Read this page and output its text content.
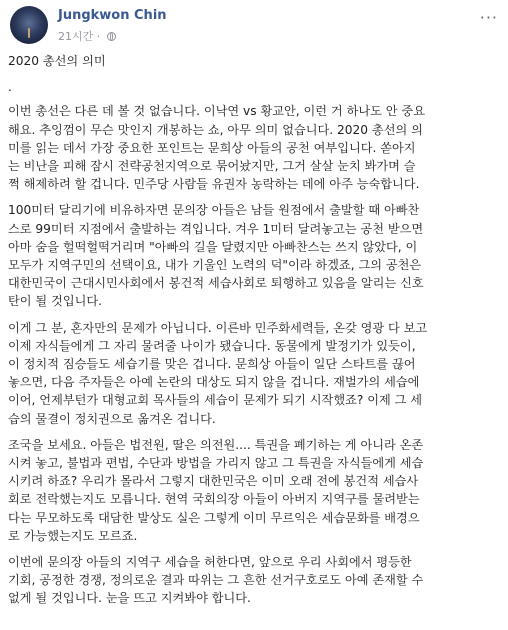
Jungkwon Chin
21시간 ·
···

2020 총선의 의미

.

이번 총선은 다른 데 볼 것 없습니다. 이낙연 vs 황교안, 이런 거 하나도 안 중요
해요. 추잉껌이 무슨 맛인지 개봉하는 쇼, 아무 의미 없습니다. 2020 총선의 의
미를 읽는 데서 가장 중요한 포인트는 문희상 아들의 공천 여부입니다. 쏟아지
는 비난을 피해 잠시 전략공천지역으로 묶어놨지만, 그거 살살 눈치 봐가며 슬
쩍 해제하려 할 겁니다. 민주당 사람들 유권자 농락하는 데에 아주 능숙합니다.

100미터 달리기에 비유하자면 문의장 아들은 남들 원점에서 출발할 때 아빠찬
스로 99미터 지점에서 출발하는 격입니다. 겨우 1미터 달려놓고는 공천 받으면
아마 숨을 헐떡헐떡거리며 "아빠의 길을 달렸지만 아빠찬스는 쓰지 않았다, 이
모두가 지역구민의 선택이요, 내가 기울인 노력의 덕"이라 하겠죠, 그의 공천은
대한민국이 근대시민사회에서 봉건적 세습사회로 퇴행하고 있음을 알리는 신호
탄이 될 것입니다.

이게 그 분, 혼자만의 문제가 아닙니다. 이른바 민주화세력들, 온갖 영광 다 보고
이제 자식들에게 그 자리 물려줄 나이가 됐습니다. 동물에게 발정기가 있듯이,
이 정치적 짐승들도 세습기를 맞은 겁니다. 문희상 아들이 일단 스타트를 끊어
놓으면, 다음 주자들은 아예 논란의 대상도 되지 않을 겁니다. 재벌가의 세습에
이어, 언제부턴가 대형교회 목사들의 세습이 문제가 되기 시작했죠? 이제 그 세
습의 물결이 정치권으로 옮겨온 겁니다.

조국을 보세요. 아들은 법전원, 딸은 의전원.... 특권을 폐기하는 게 아니라 온존
시켜 놓고, 불법과 편법, 수단과 방법을 가리지 않고 그 특권을 자식들에게 세습
시키려 하죠? 우리가 몰라서 그렇지 대한민국은 이미 오래 전에 봉건적 세습사
회로 전락했는지도 모릅니다. 현역 국회의장 아들이 아버지 지역구를 물려받는
다는 무모하도록 대담한 발상도 실은 그렇게 이미 무르익은 세습문화를 배경으
로 가능했는지도 모르죠.

이번에 문의장 아들의 지역구 세습을 허한다면, 앞으로 우리 사회에서 평등한
기회, 공정한 경쟁, 정의로운 결과 따위는 그 흔한 선거구호로도 아예 존재할 수
없게 될 것입니다. 눈을 뜨고 지켜봐야 합니다.
